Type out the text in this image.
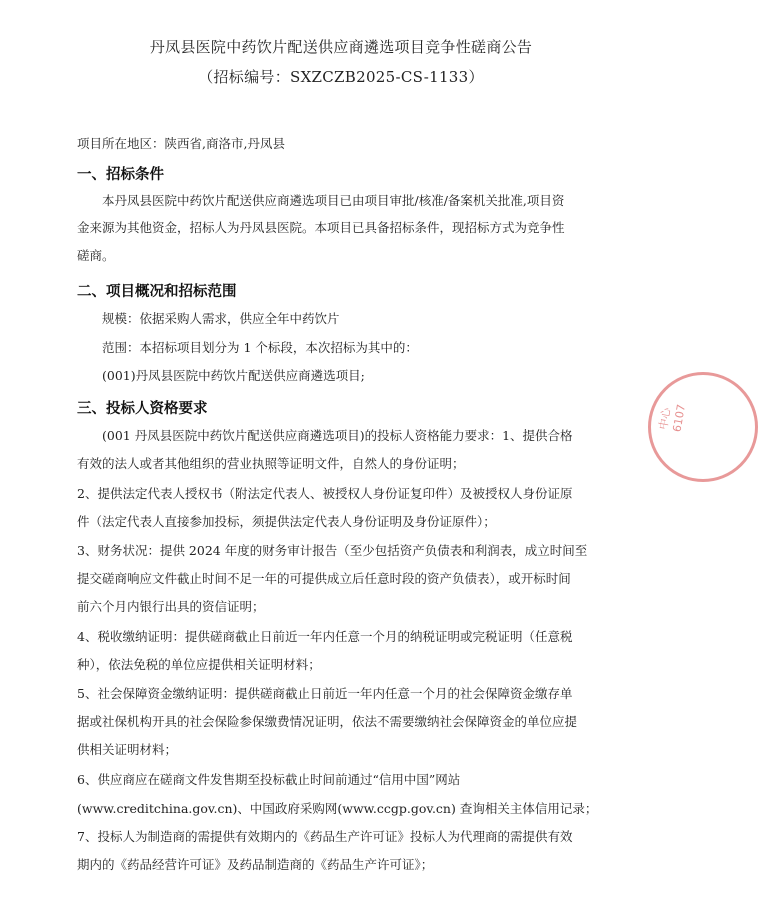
丹凤县医院中药饮片配送供应商遴选项目竞争性磋商公告
（招标编号：SXZCZB2025-CS-1133）
项目所在地区：陕西省,商洛市,丹凤县
一、招标条件
本丹凤县医院中药饮片配送供应商遴选项目已由项目审批/核准/备案机关批准,项目资
金来源为其他资金，招标人为丹凤县医院。本项目已具备招标条件，现招标方式为竞争性
磋商。
二、项目概况和招标范围
规模：依据采购人需求，供应全年中药饮片
范围：本招标项目划分为 1 个标段，本次招标为其中的：
(001)丹凤县医院中药饮片配送供应商遴选项目;
三、投标人资格要求
(001 丹凤县医院中药饮片配送供应商遴选项目)的投标人资格能力要求：1、提供合格
有效的法人或者其他组织的营业执照等证明文件，自然人的身份证明；
2、提供法定代表人授权书（附法定代表人、被授权人身份证复印件）及被授权人身份证原
件（法定代表人直接参加投标，须提供法定代表人身份证明及身份证原件）；
3、财务状况：提供 2024 年度的财务审计报告（至少包括资产负债表和利润表，成立时间至
提交磋商响应文件截止时间不足一年的可提供成立后任意时段的资产负债表），或开标时间
前六个月内银行出具的资信证明；
4、税收缴纳证明：提供磋商截止日前近一年内任意一个月的纳税证明或完税证明（任意税
种），依法免税的单位应提供相关证明材料；
5、社会保障资金缴纳证明：提供磋商截止日前近一年内任意一个月的社会保障资金缴存单
据或社保机构开具的社会保险参保缴费情况证明，依法不需要缴纳社会保障资金的单位应提
供相关证明材料；
6、供应商应在磋商文件发售期至投标截止时间前通过“信用中国”网站
(www.creditchina.gov.cn)、中国政府采购网(www.ccgp.gov.cn) 查询相关主体信用记录；
7、投标人为制造商的需提供有效期内的《药品生产许可证》投标人为代理商的需提供有效
期内的《药品经营许可证》及药品制造商的《药品生产许可证》；
中心 6107
